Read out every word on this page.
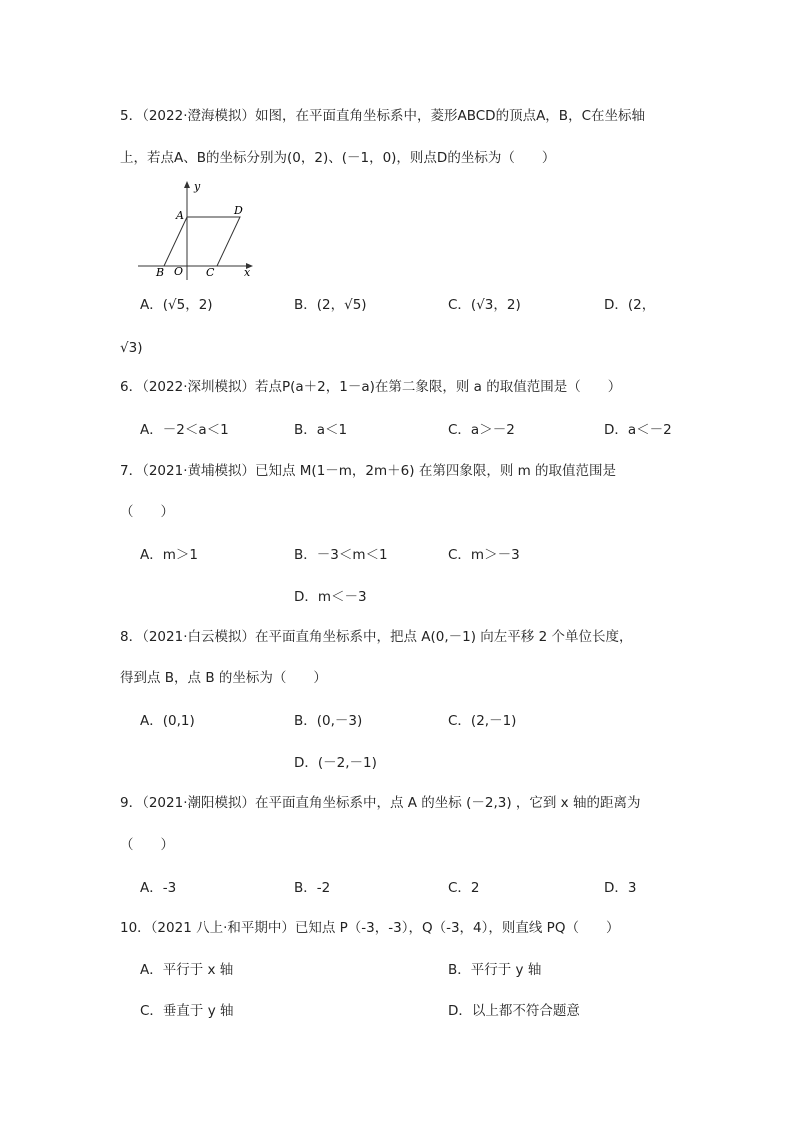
5．（2022·澄海模拟）如图，在平面直角坐标系中，菱形ABCD的顶点A，B，C在坐标轴
上，若点A、B的坐标分别为(0，2)、(－1，0)，则点D的坐标为（　　）
y
x
A	D
B O C
A．(√5，2)	B．(2，√5)	C．(√3，2)	D．(2，
√3)
6．（2022·深圳模拟）若点P(a＋2，1－a)在第二象限，则 a 的取值范围是（　　）
A．－2＜a＜1	B．a＜1	C．a＞－2	D．a＜－2
7．（2021·黄埔模拟）已知点 M(1－m，2m＋6) 在第四象限，则 m 的取值范围是
（　　）
A．m＞1	B．－3＜m＜1	C．m＞－3
D．m＜－3
8．（2021·白云模拟）在平面直角坐标系中，把点 A(0,－1) 向左平移 2 个单位长度，
得到点 B，点 B 的坐标为（　　）
A．(0,1)	B．(0,－3)	C．(2,－1)
D．(－2,－1)
9．（2021·潮阳模拟）在平面直角坐标系中，点 A 的坐标 (－2,3) ，它到 x 轴的距离为
（　　）
A．-3	B．-2	C．2	D．3
10．（2021 八上·和平期中）已知点 P（-3，-3），Q（-3，4），则直线 PQ（　　）
A．平行于 x 轴	B．平行于 y 轴
C．垂直于 y 轴	D．以上都不符合题意
